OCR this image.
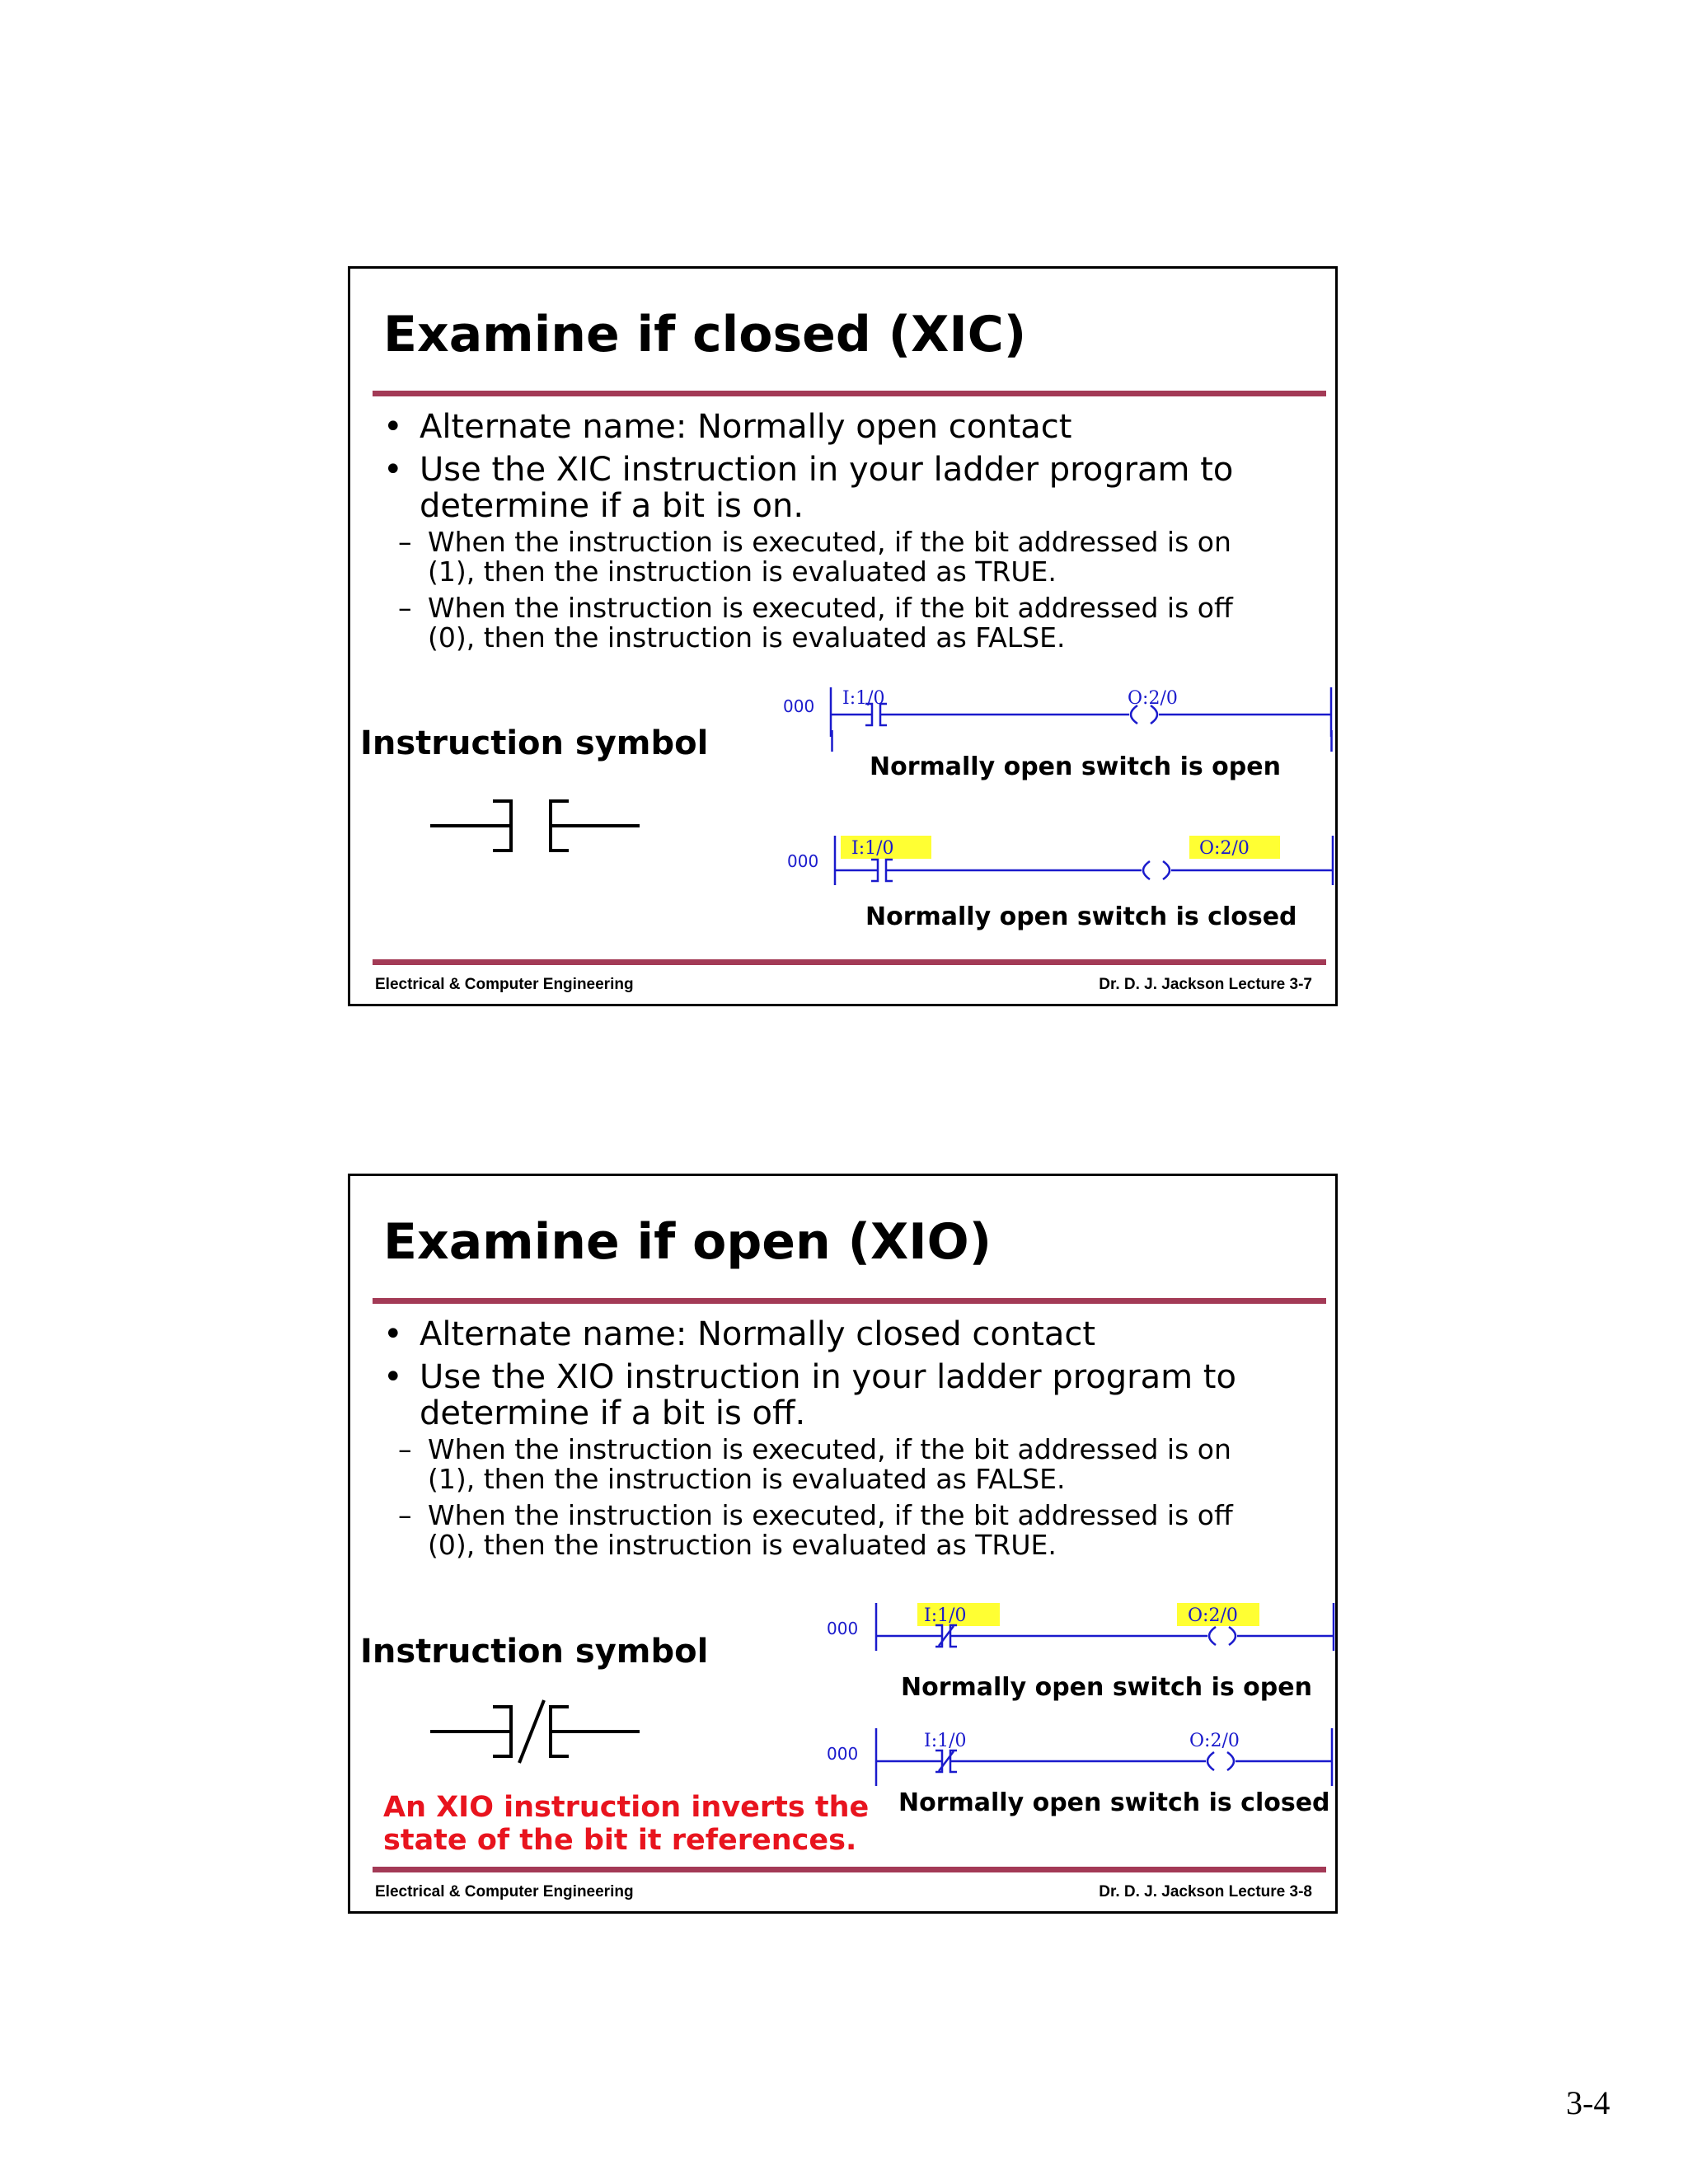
Examine if closed (XIC)
• Alternate name: Normally open contact
• Use the XIC instruction in your ladder program to determine if a bit is on.
– When the instruction is executed, if the bit addressed is on
(1), then the instruction is evaluated as TRUE.
– When the instruction is executed, if the bit addressed is off
(0), then the instruction is evaluated as FALSE.
Instruction symbol
000 I:1/0	O:2/0
Normally open switch is open
000
I:1/0	O:2/0
Normally open switch is closed
Electrical & Computer Engineering	Dr. D. J. Jackson Lecture 3-7
Examine if open (XIO)
• Alternate name: Normally closed contact
• Use the XIO instruction in your ladder program to determine if a bit is off.
– When the instruction is executed, if the bit addressed is on
(1), then the instruction is evaluated as FALSE.
– When the instruction is executed, if the bit addressed is off
(0), then the instruction is evaluated as TRUE.
Instruction symbol
An XIO instruction inverts the state of the bit it references.
000
I:1/0	O:2/0
Normally open switch is open
000
I:1/0	O:2/0
Normally open switch is closed
Electrical & Computer Engineering	Dr. D. J. Jackson Lecture 3-8
3-4
